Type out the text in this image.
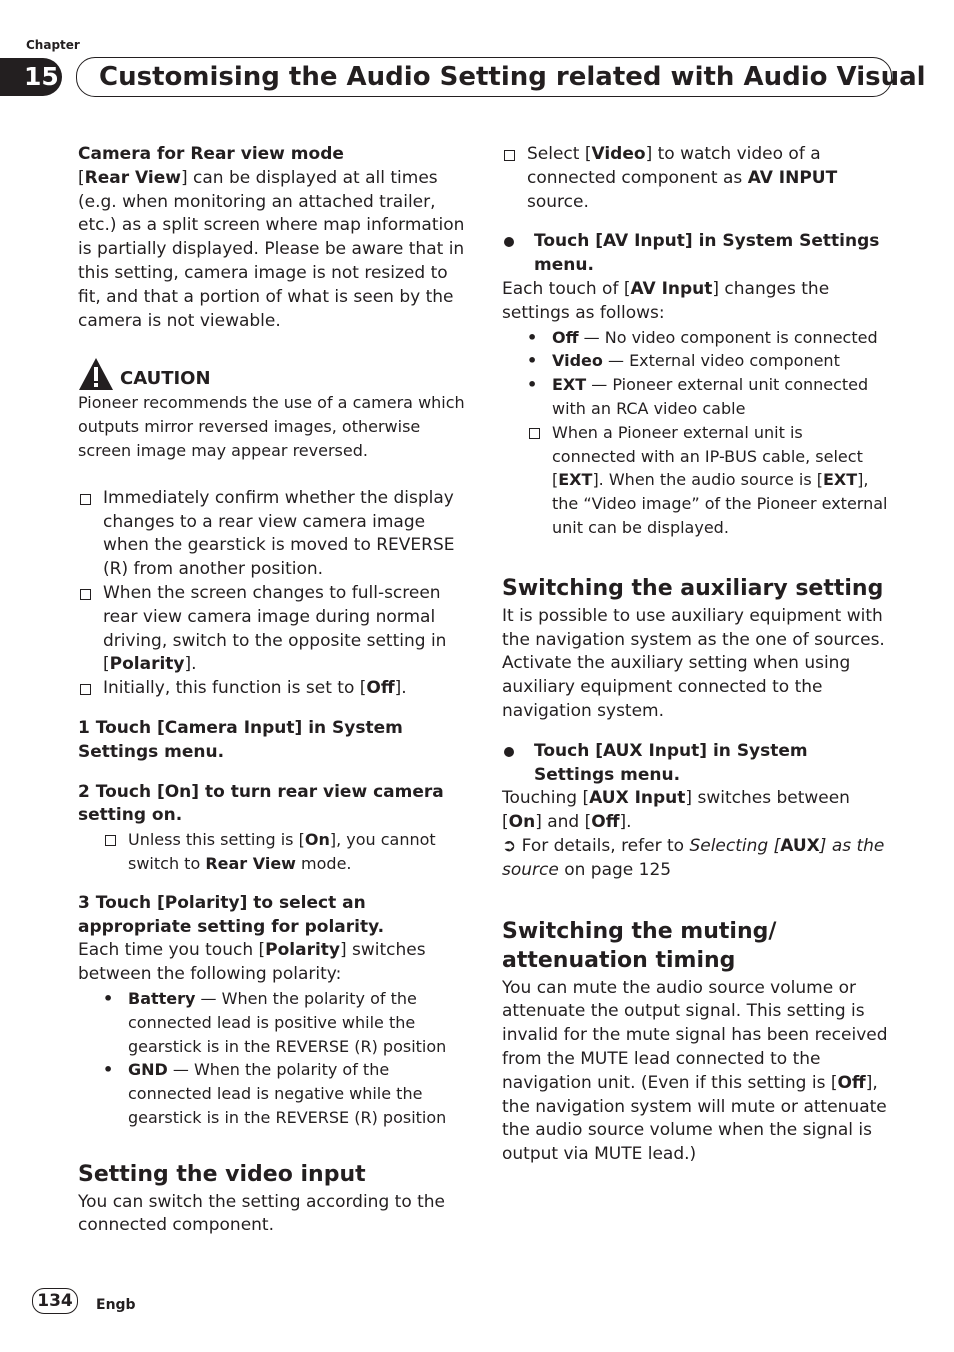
Chapter
15	Customising the Audio Setting related with Audio Visual

Camera for Rear view mode

[Rear View] can be displayed at all times (e.g. when monitoring an attached trailer, etc.) as a split screen where map information is partially displayed. Please be aware that in this setting, camera image is not resized to fit, and that a portion of what is seen by the camera is not viewable.

CAUTION

Pioneer recommends the use of a camera which outputs mirror reversed images, otherwise screen image may appear reversed.

Immediately confirm whether the display changes to a rear view camera image when the gearstick is moved to REVERSE (R) from another position.

When the screen changes to full-screen rear view camera image during normal driving, switch to the opposite setting in [Polarity].

Initially, this function is set to [Off].

1 Touch [Camera Input] in System Settings menu.

2 Touch [On] to turn rear view camera setting on.

Unless this setting is [On], you cannot switch to Rear View mode.

3 Touch [Polarity] to select an appropriate setting for polarity.

Each time you touch [Polarity] switches between the following polarity:

• Battery — When the polarity of the connected lead is positive while the gearstick is in the REVERSE (R) position

• GND — When the polarity of the connected lead is negative while the gearstick is in the REVERSE (R) position

Setting the video input

You can switch the setting according to the connected component.

Select [Video] to watch video of a connected component as AV INPUT source.

Touch [AV Input] in System Settings menu.

Each touch of [AV Input] changes the settings as follows:

• Off — No video component is connected

• Video — External video component

• EXT — Pioneer external unit connected with an RCA video cable

When a Pioneer external unit is connected with an IP-BUS cable, select [EXT]. When the audio source is [EXT], the “Video image” of the Pioneer external unit can be displayed.

Switching the auxiliary setting

It is possible to use auxiliary equipment with the navigation system as the one of sources. Activate the auxiliary setting when using auxiliary equipment connected to the navigation system.

Touch [AUX Input] in System Settings menu.

Touching [AUX Input] switches between [On] and [Off].

➲ For details, refer to Selecting [AUX] as the source on page 125

Switching the muting/ attenuation timing

You can mute the audio source volume or attenuate the output signal. This setting is invalid for the mute signal has been received from the MUTE lead connected to the navigation unit. (Even if this setting is [Off], the navigation system will mute or attenuate the audio source volume when the signal is output via MUTE lead.)

134	Engb
